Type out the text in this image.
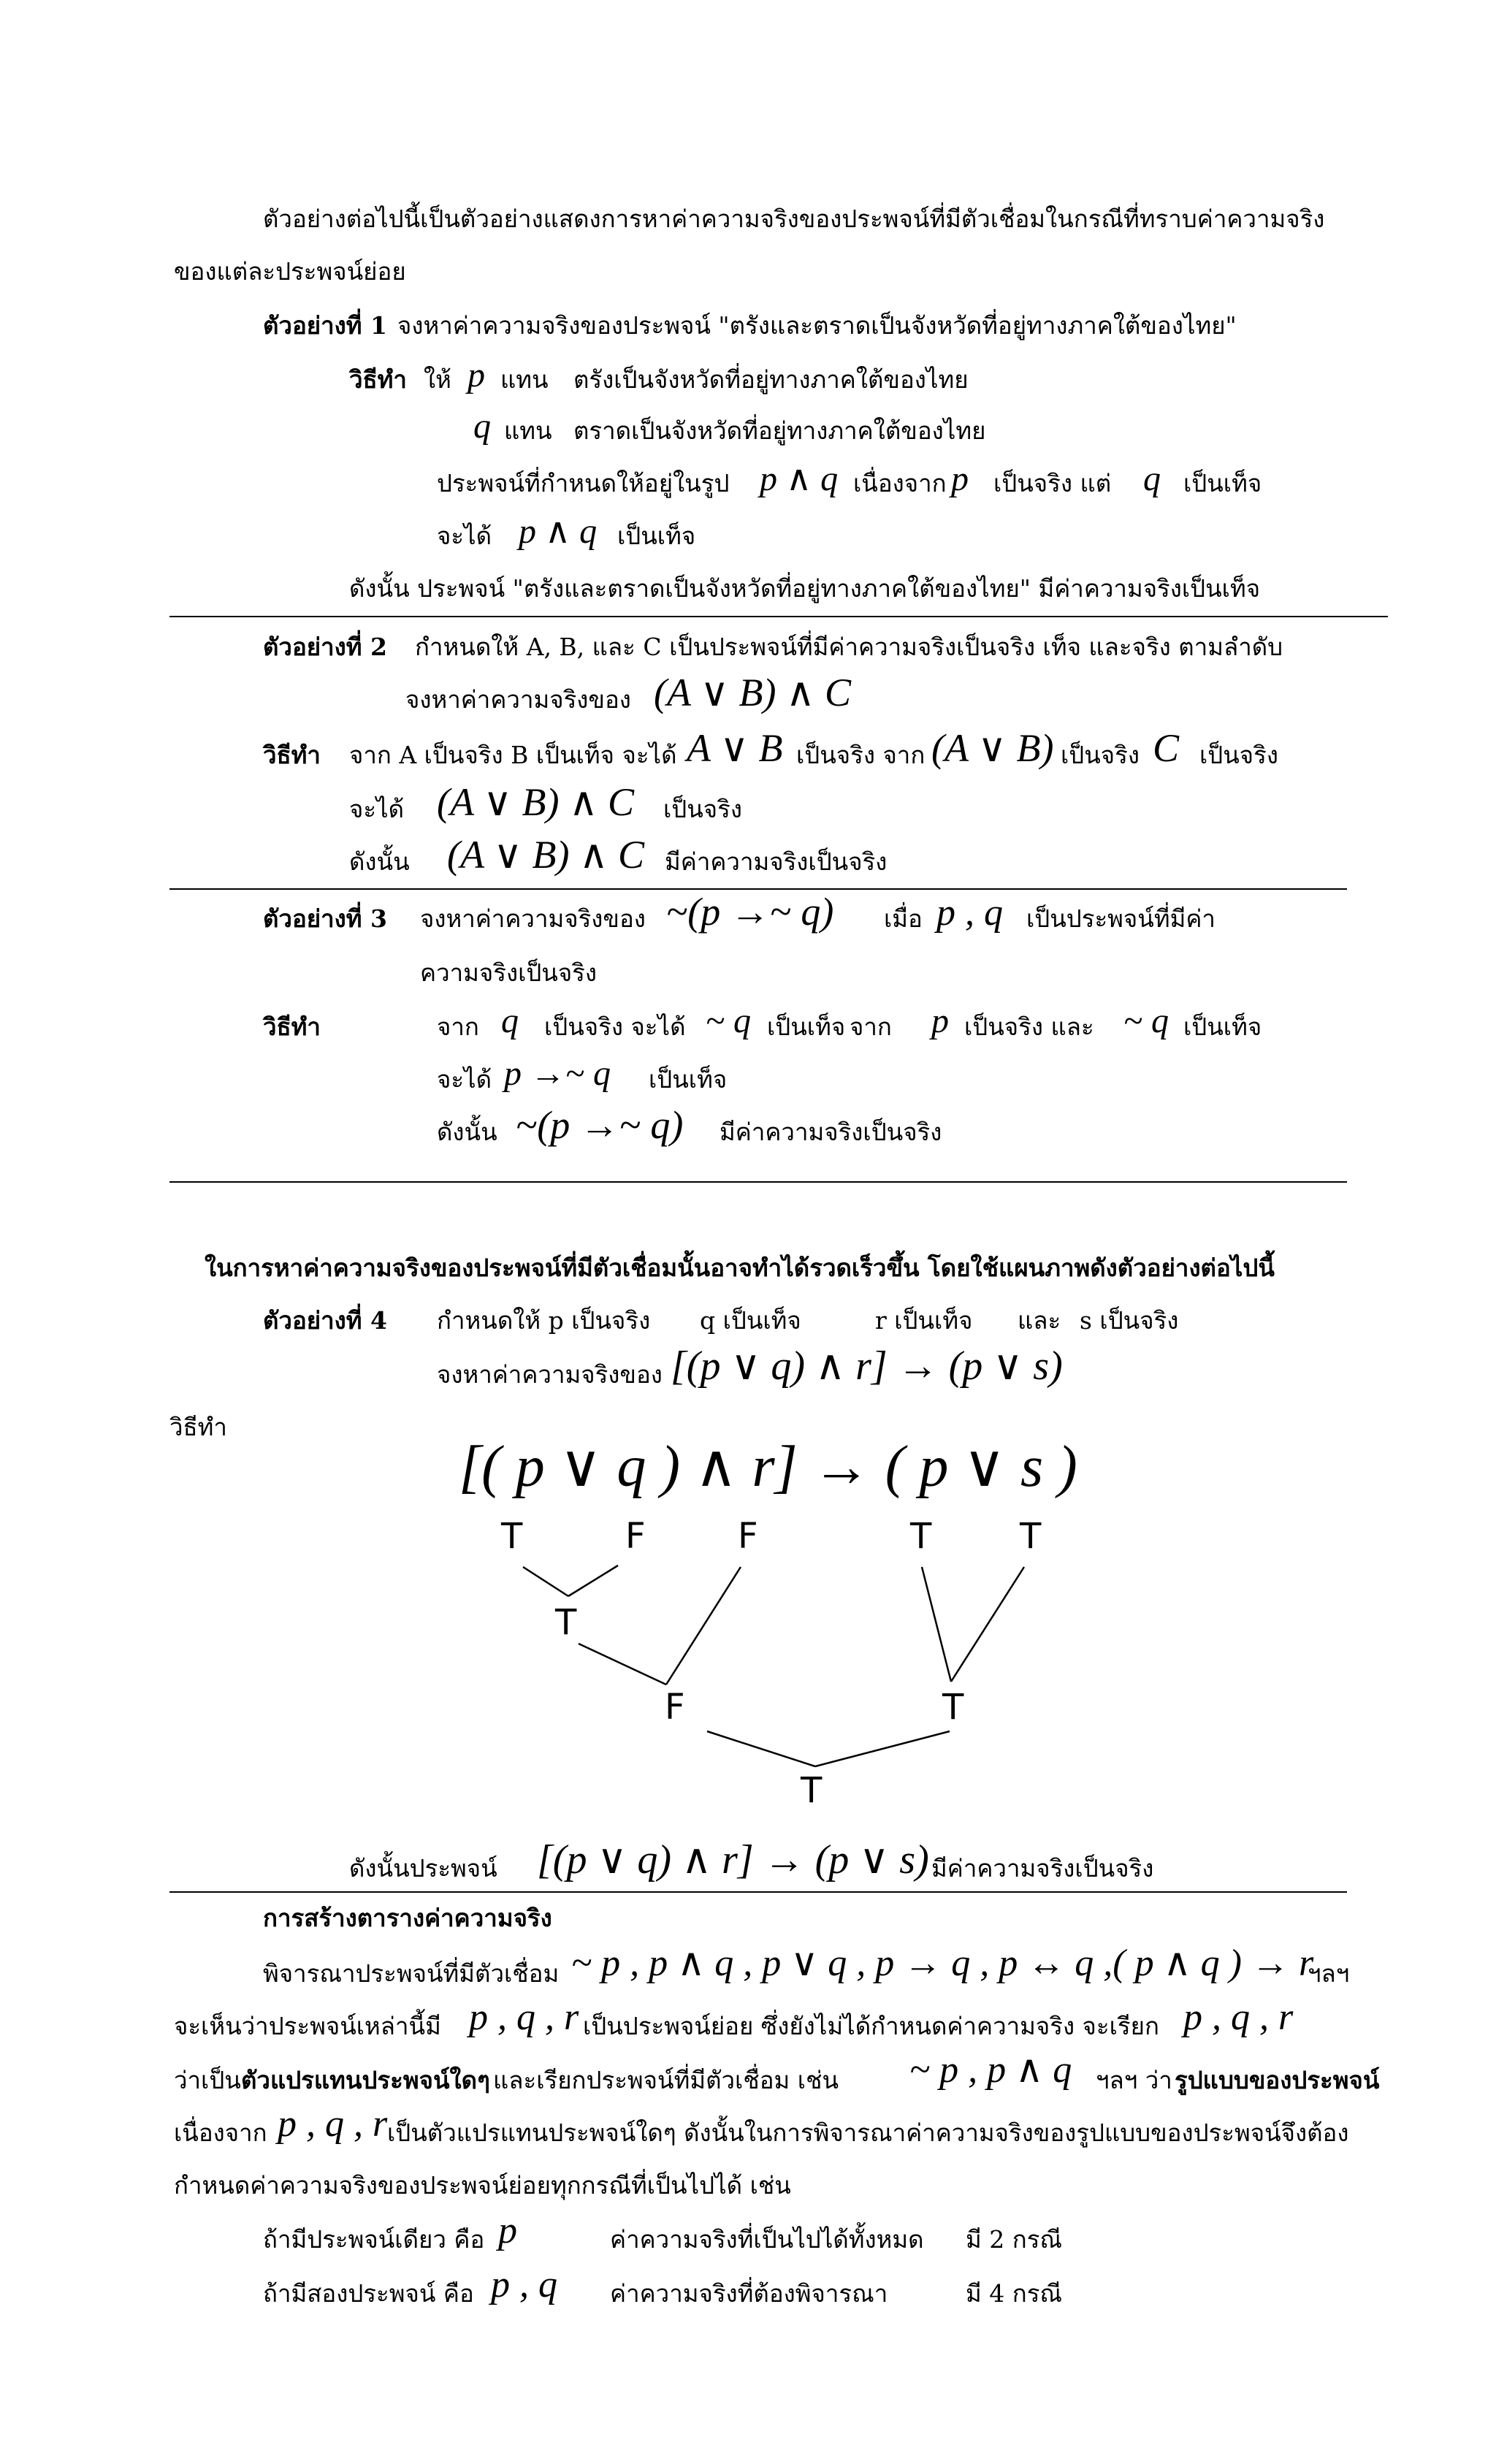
ตัวอย่างต่อไปนี้เป็นตัวอย่างแสดงการหาค่าความจริงของประพจน์ที่มีตัวเชื่อมในกรณีที่ทราบค่าความจริง
ของแต่ละประพจน์ย่อย
ตัวอย่างที่ 1 จงหาค่าความจริงของประพจน์ "ตรังและตราดเป็นจังหวัดที่อยู่ทางภาคใต้ของไทย"
วิธีทำ ให้ p แทน ตรังเป็นจังหวัดที่อยู่ทางภาคใต้ของไทย
q แทน ตราดเป็นจังหวัดที่อยู่ทางภาคใต้ของไทย
ประพจน์ที่กำหนดให้อยู่ในรูป p ∧ q เนื่องจาก p เป็นจริง แต่ q เป็นเท็จ
จะได้ p ∧ q เป็นเท็จ
ดังนั้น ประพจน์ "ตรังและตราดเป็นจังหวัดที่อยู่ทางภาคใต้ของไทย" มีค่าความจริงเป็นเท็จ
ตัวอย่างที่ 2 กำหนดให้ A, B, และ C เป็นประพจน์ที่มีค่าความจริงเป็นจริง เท็จ และจริง ตามลำดับ
จงหาค่าความจริงของ (A ∨ B) ∧ C
วิธีทำ จาก A เป็นจริง B เป็นเท็จ จะได้ A ∨ B เป็นจริง จาก (A ∨ B) เป็นจริง C เป็นจริง
จะได้ (A ∨ B) ∧ C เป็นจริง
ดังนั้น (A ∨ B) ∧ C มีค่าความจริงเป็นจริง
ตัวอย่างที่ 3 จงหาค่าความจริงของ ~(p →~ q) เมื่อ p , q เป็นประพจน์ที่มีค่า
ความจริงเป็นจริง
วิธีทำ	จาก q เป็นจริง จะได้ ~ q เป็นเท็จ จาก p เป็นจริง และ ~ q เป็นเท็จ
จะได้ p →~ q เป็นเท็จ
ดังนั้น ~(p →~ q) มีค่าความจริงเป็นจริง
ในการหาค่าความจริงของประพจน์ที่มีตัวเชื่อมนั้นอาจทำได้รวดเร็วขึ้น โดยใช้แผนภาพดังตัวอย่างต่อไปนี้
ตัวอย่างที่ 4 กำหนดให้ p เป็นจริง q เป็นเท็จ	r เป็นเท็จ และ s เป็นจริง
จงหาค่าความจริงของ [(p ∨ q) ∧ r] → (p ∨ s)
วิธีทำ
[( p ∨ q ) ∧ r] → ( p ∨ s )
T	F	F	T	T
T
F	T
T
ดังนั้นประพจน์ [(p ∨ q) ∧ r] → (p ∨ s) มีค่าความจริงเป็นจริง
การสร้างตารางค่าความจริง
พิจารณาประพจน์ที่มีตัวเชื่อม ~ p , p ∧ q , p ∨ q , p → q , p ↔ q ,( p ∧ q ) → r
ฯลฯ
จะเห็นว่าประพจน์เหล่านี้มี p , q , r เป็นประพจน์ย่อย ซึ่งยังไม่ได้กำหนดค่าความจริง จะเรียก p , q , r
ว่าเป็น ตัวแปรแทนประพจน์ใดๆ และเรียกประพจน์ที่มีตัวเชื่อม เช่น ~ p , p ∧ q ฯลฯ ว่า รูปแบบของประพจน์
เนื่องจาก p , q , r เป็นตัวแปรแทนประพจน์ใดๆ ดังนั้นในการพิจารณาค่าความจริงของรูปแบบของประพจน์จึงต้อง
กำหนดค่าความจริงของประพจน์ย่อยทุกกรณีที่เป็นไปได้ เช่น
ถ้ามีประพจน์เดียว คือ p	ค่าความจริงที่เป็นไปได้ทั้งหมด มี 2 กรณี
ถ้ามีสองประพจน์ คือ p , q ค่าความจริงที่ต้องพิจารณา	มี 4 กรณี
